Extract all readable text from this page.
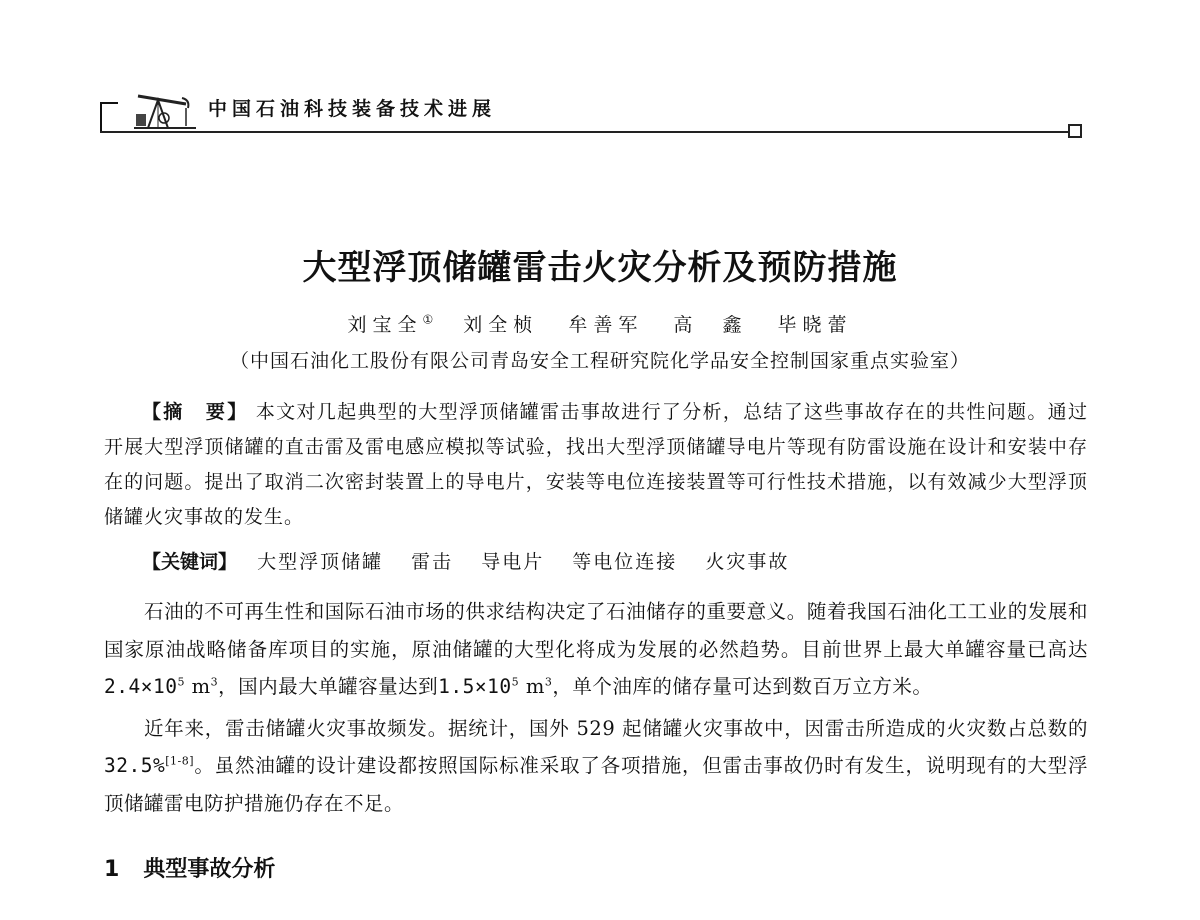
中国石油科技装备技术进展
大型浮顶储罐雷击火灾分析及预防措施
刘宝全① 刘全桢 牟善军 高  鑫 毕晓蕾
（中国石油化工股份有限公司青岛安全工程研究院化学品安全控制国家重点实验室）

【摘　要】 本文对几起典型的大型浮顶储罐雷击事故进行了分析，总结了这些事故存在的共性问题。通过开展大型浮顶储罐的直击雷及雷电感应模拟等试验，找出大型浮顶储罐导电片等现有防雷设施在设计和安装中存在的问题。提出了取消二次密封装置上的导电片，安装等电位连接装置等可行性技术措施，以有效减少大型浮顶储罐火灾事故的发生。

【关键词】 大型浮顶储罐 雷击 导电片 等电位连接 火灾事故

石油的不可再生性和国际石油市场的供求结构决定了石油储存的重要意义。随着我国石油化工工业的发展和国家原油战略储备库项目的实施，原油储罐的大型化将成为发展的必然趋势。目前世界上最大单罐容量已高达$2.4\times 10^5$ $m^3$，国内最大单罐容量达到$1.5\times 10^5$ $m^3$，单个油库的储存量可达到数百万立方米。

近年来，雷击储罐火灾事故频发。据统计，国外 529 起储罐火灾事故中，因雷击所造成的火灾数占总数的32.5%[1-8]。虽然油罐的设计建设都按照国际标准采取了各项措施，但雷击事故仍时有发生，说明现有的大型浮顶储罐雷电防护措施仍存在不足。

1 典型事故分析
